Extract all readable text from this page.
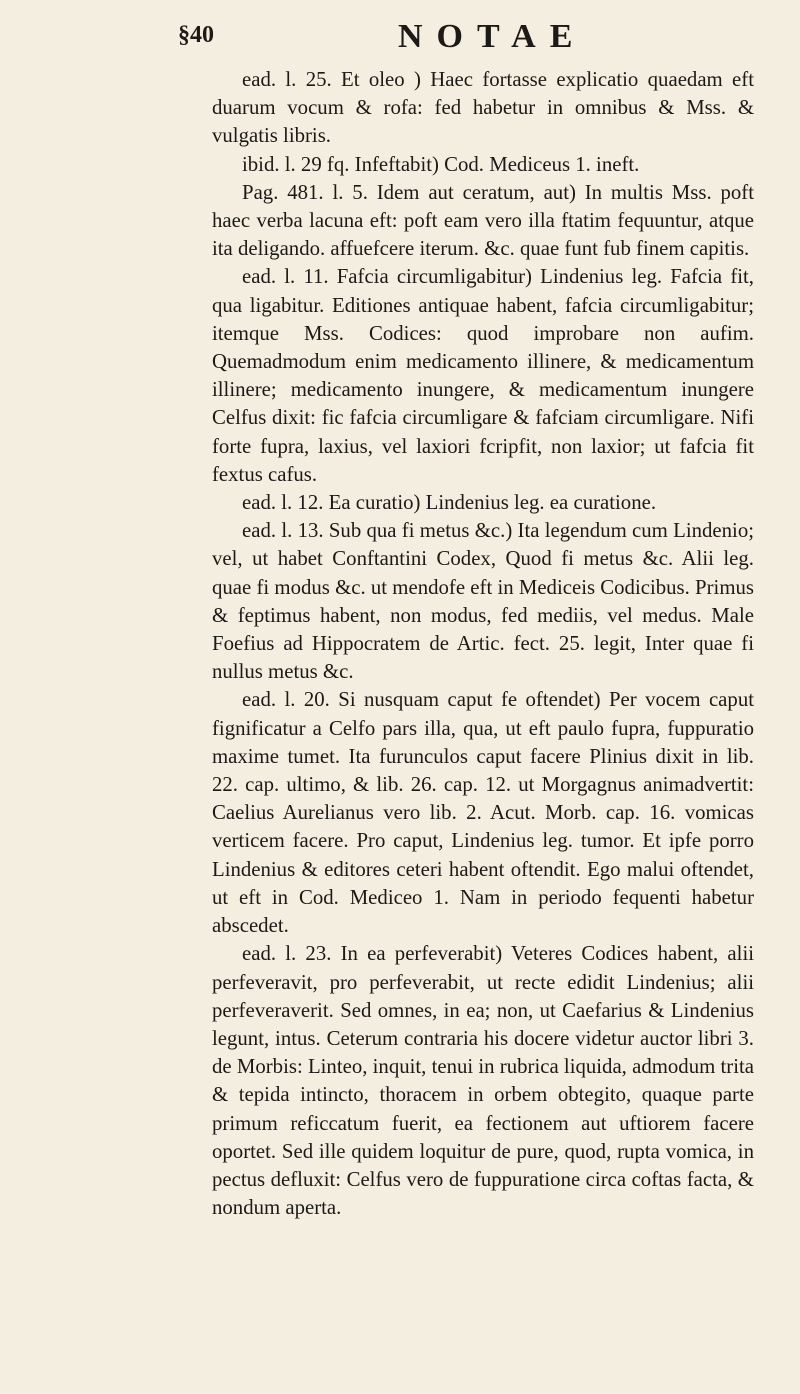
§40	NOTAE

ead. l. 25. Et oleo ) Haec fortasse explicatio quaedam eft duarum vocum & rofa: fed habetur in omnibus & Mss. & vulgatis libris.

ibid. l. 29 fq. Infeftabit) Cod. Mediceus 1. ineft.

Pag. 481. l. 5. Idem aut ceratum, aut) In multis Mss. poft haec verba lacuna eft: poft eam vero illa ftatim fequuntur, atque ita deligando. affuefcere iterum. &c. quae funt fub finem capitis.

ead. l. 11. Fafcia circumligabitur) Lindenius leg. Fafcia fit, qua ligabitur. Editiones antiquae habent, fafcia circumligabitur; itemque Mss. Codices: quod improbare non aufim. Quemadmodum enim medicamento illinere, & medicamentum illinere; medicamento inungere, & medicamentum inungere Celfus dixit: fic fafcia circumligare & fafciam circumligare. Nifi forte fupra, laxius, vel laxiori fcripfit, non laxior; ut fafcia fit fextus cafus.

ead. l. 12. Ea curatio) Lindenius leg. ea curatione.

ead. l. 13. Sub qua fi metus &c.) Ita legendum cum Lindenio; vel, ut habet Conftantini Codex, Quod fi metus &c. Alii leg. quae fi modus &c. ut mendofe eft in Mediceis Codicibus. Primus & feptimus habent, non modus, fed mediis, vel medus. Male Foefius ad Hippocratem de Artic. fect. 25. legit, Inter quae fi nullus metus &c.

ead. l. 20. Si nusquam caput fe oftendet) Per vocem caput fignificatur a Celfo pars illa, qua, ut eft paulo fupra, fuppuratio maxime tumet. Ita furunculos caput facere Plinius dixit in lib. 22. cap. ultimo, & lib. 26. cap. 12. ut Morgagnus animadvertit: Caelius Aurelianus vero lib. 2. Acut. Morb. cap. 16. vomicas verticem facere. Pro caput, Lindenius leg. tumor. Et ipfe porro Lindenius & editores ceteri habent oftendit. Ego malui oftendet, ut eft in Cod. Mediceo 1. Nam in periodo fequenti habetur abscedet.

ead. l. 23. In ea perfeverabit) Veteres Codices habent, alii perfeveravit, pro perfeverabit, ut recte edidit Lindenius; alii perfeveraverit. Sed omnes, in ea; non, ut Caefarius & Lindenius legunt, intus. Ceterum contraria his docere videtur auctor libri 3. de Morbis: Linteo, inquit, tenui in rubrica liquida, admodum trita & tepida intincto, thoracem in orbem obtegito, quaque parte primum reficcatum fuerit, ea fectionem aut uftiorem facere oportet. Sed ille quidem loquitur de pure, quod, rupta vomica, in pectus defluxit: Celfus vero de fuppuratione circa coftas facta, & nondum aperta.
